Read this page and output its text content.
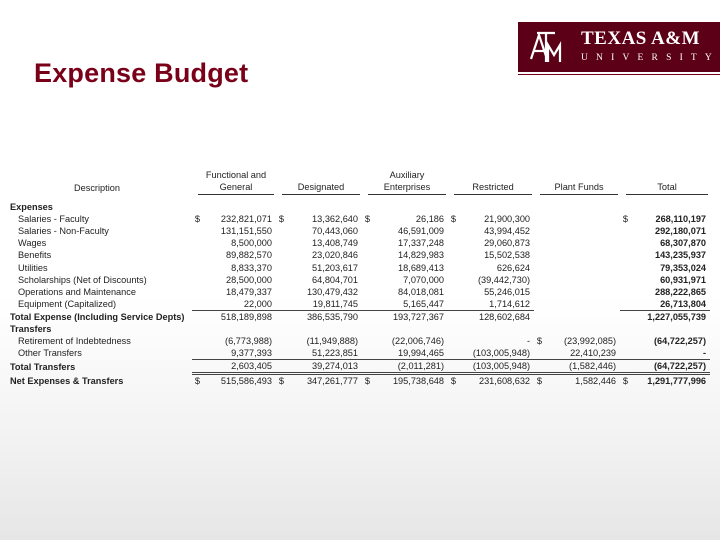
Expense Budget
TEXAS A&M
UNIVERSITY
Description	Functional and General		Designated		Auxiliary Enterprises		Restricted		Plant Funds		Total	

Expenses												
Salaries - Faculty	$	232,821,071	$	13,362,640	$	26,186	$	21,900,300			$	268,110,197
Salaries - Non-Faculty		131,151,550		70,443,060		46,591,009		43,994,452				292,180,071
Wages		8,500,000		13,408,749		17,337,248		29,060,873				68,307,870
Benefits		89,882,570		23,020,846		14,829,983		15,502,538				143,235,937
Utilities		8,833,370		51,203,617		18,689,413		626,624				79,353,024
Scholarships (Net of Discounts)		28,500,000		64,804,701		7,070,000		(39,442,730)				60,931,971
Operations and Maintenance		18,479,337		130,479,432		84,018,081		55,246,015				288,222,865
Equipment (Capitalized)		22,000		19,811,745		5,165,447		1,714,612				26,713,804
Total Expense (Including Service Depts)		518,189,898		386,535,790		193,727,367		128,602,684				1,227,055,739
Transfers												
Retirement of Indebtedness		(6,773,988)		(11,949,888)		(22,006,746)		-	$	(23,992,085)		(64,722,257)
Other Transfers		9,377,393		51,223,851		19,994,465		(103,005,948)		22,410,239		-
Total Transfers		2,603,405		39,274,013		(2,011,281)		(103,005,948)		(1,582,446)		(64,722,257)
Net Expenses & Transfers	$	515,586,493	$	347,261,777	$	195,738,648	$	231,608,632	$	1,582,446	$	1,291,777,996
